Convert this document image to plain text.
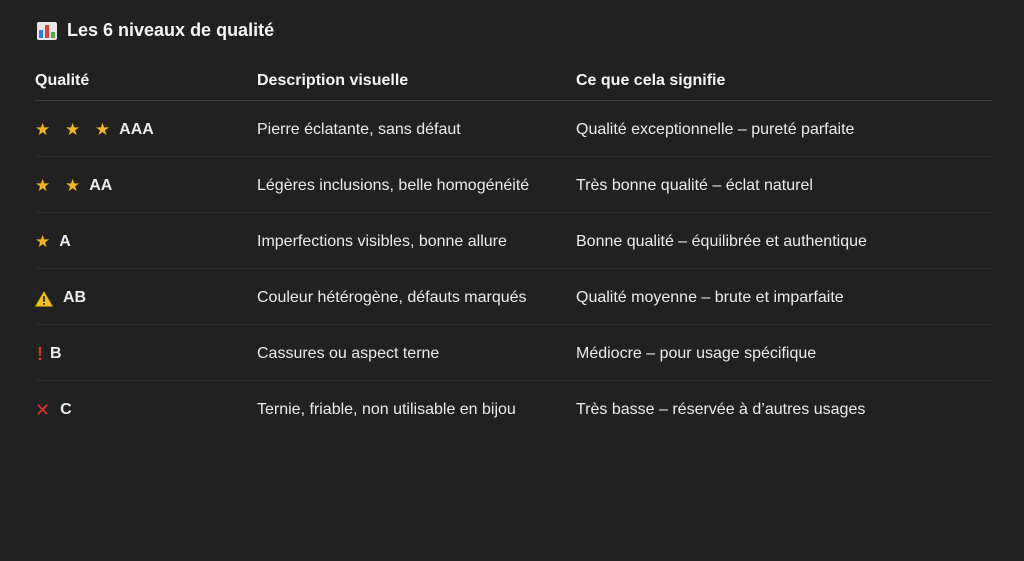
Les 6 niveaux de qualité
Qualité	Description visuelle	Ce que cela signifie

★ ★ ★ AAA	Pierre éclatante, sans défaut	Qualité exceptionnelle – pureté parfaite

★ ★ AA	Légères inclusions, belle homogénéité	Très bonne qualité – éclat naturel

★ A	Imperfections visibles, bonne allure	Bonne qualité – équilibrée et authentique

AB	Couleur hétérogène, défauts marqués	Qualité moyenne – brute et imparfaite

! B	Cassures ou aspect terne	Médiocre – pour usage spécifique

✕ C	Ternie, friable, non utilisable en bijou	Très basse – réservée à d’autres usages
